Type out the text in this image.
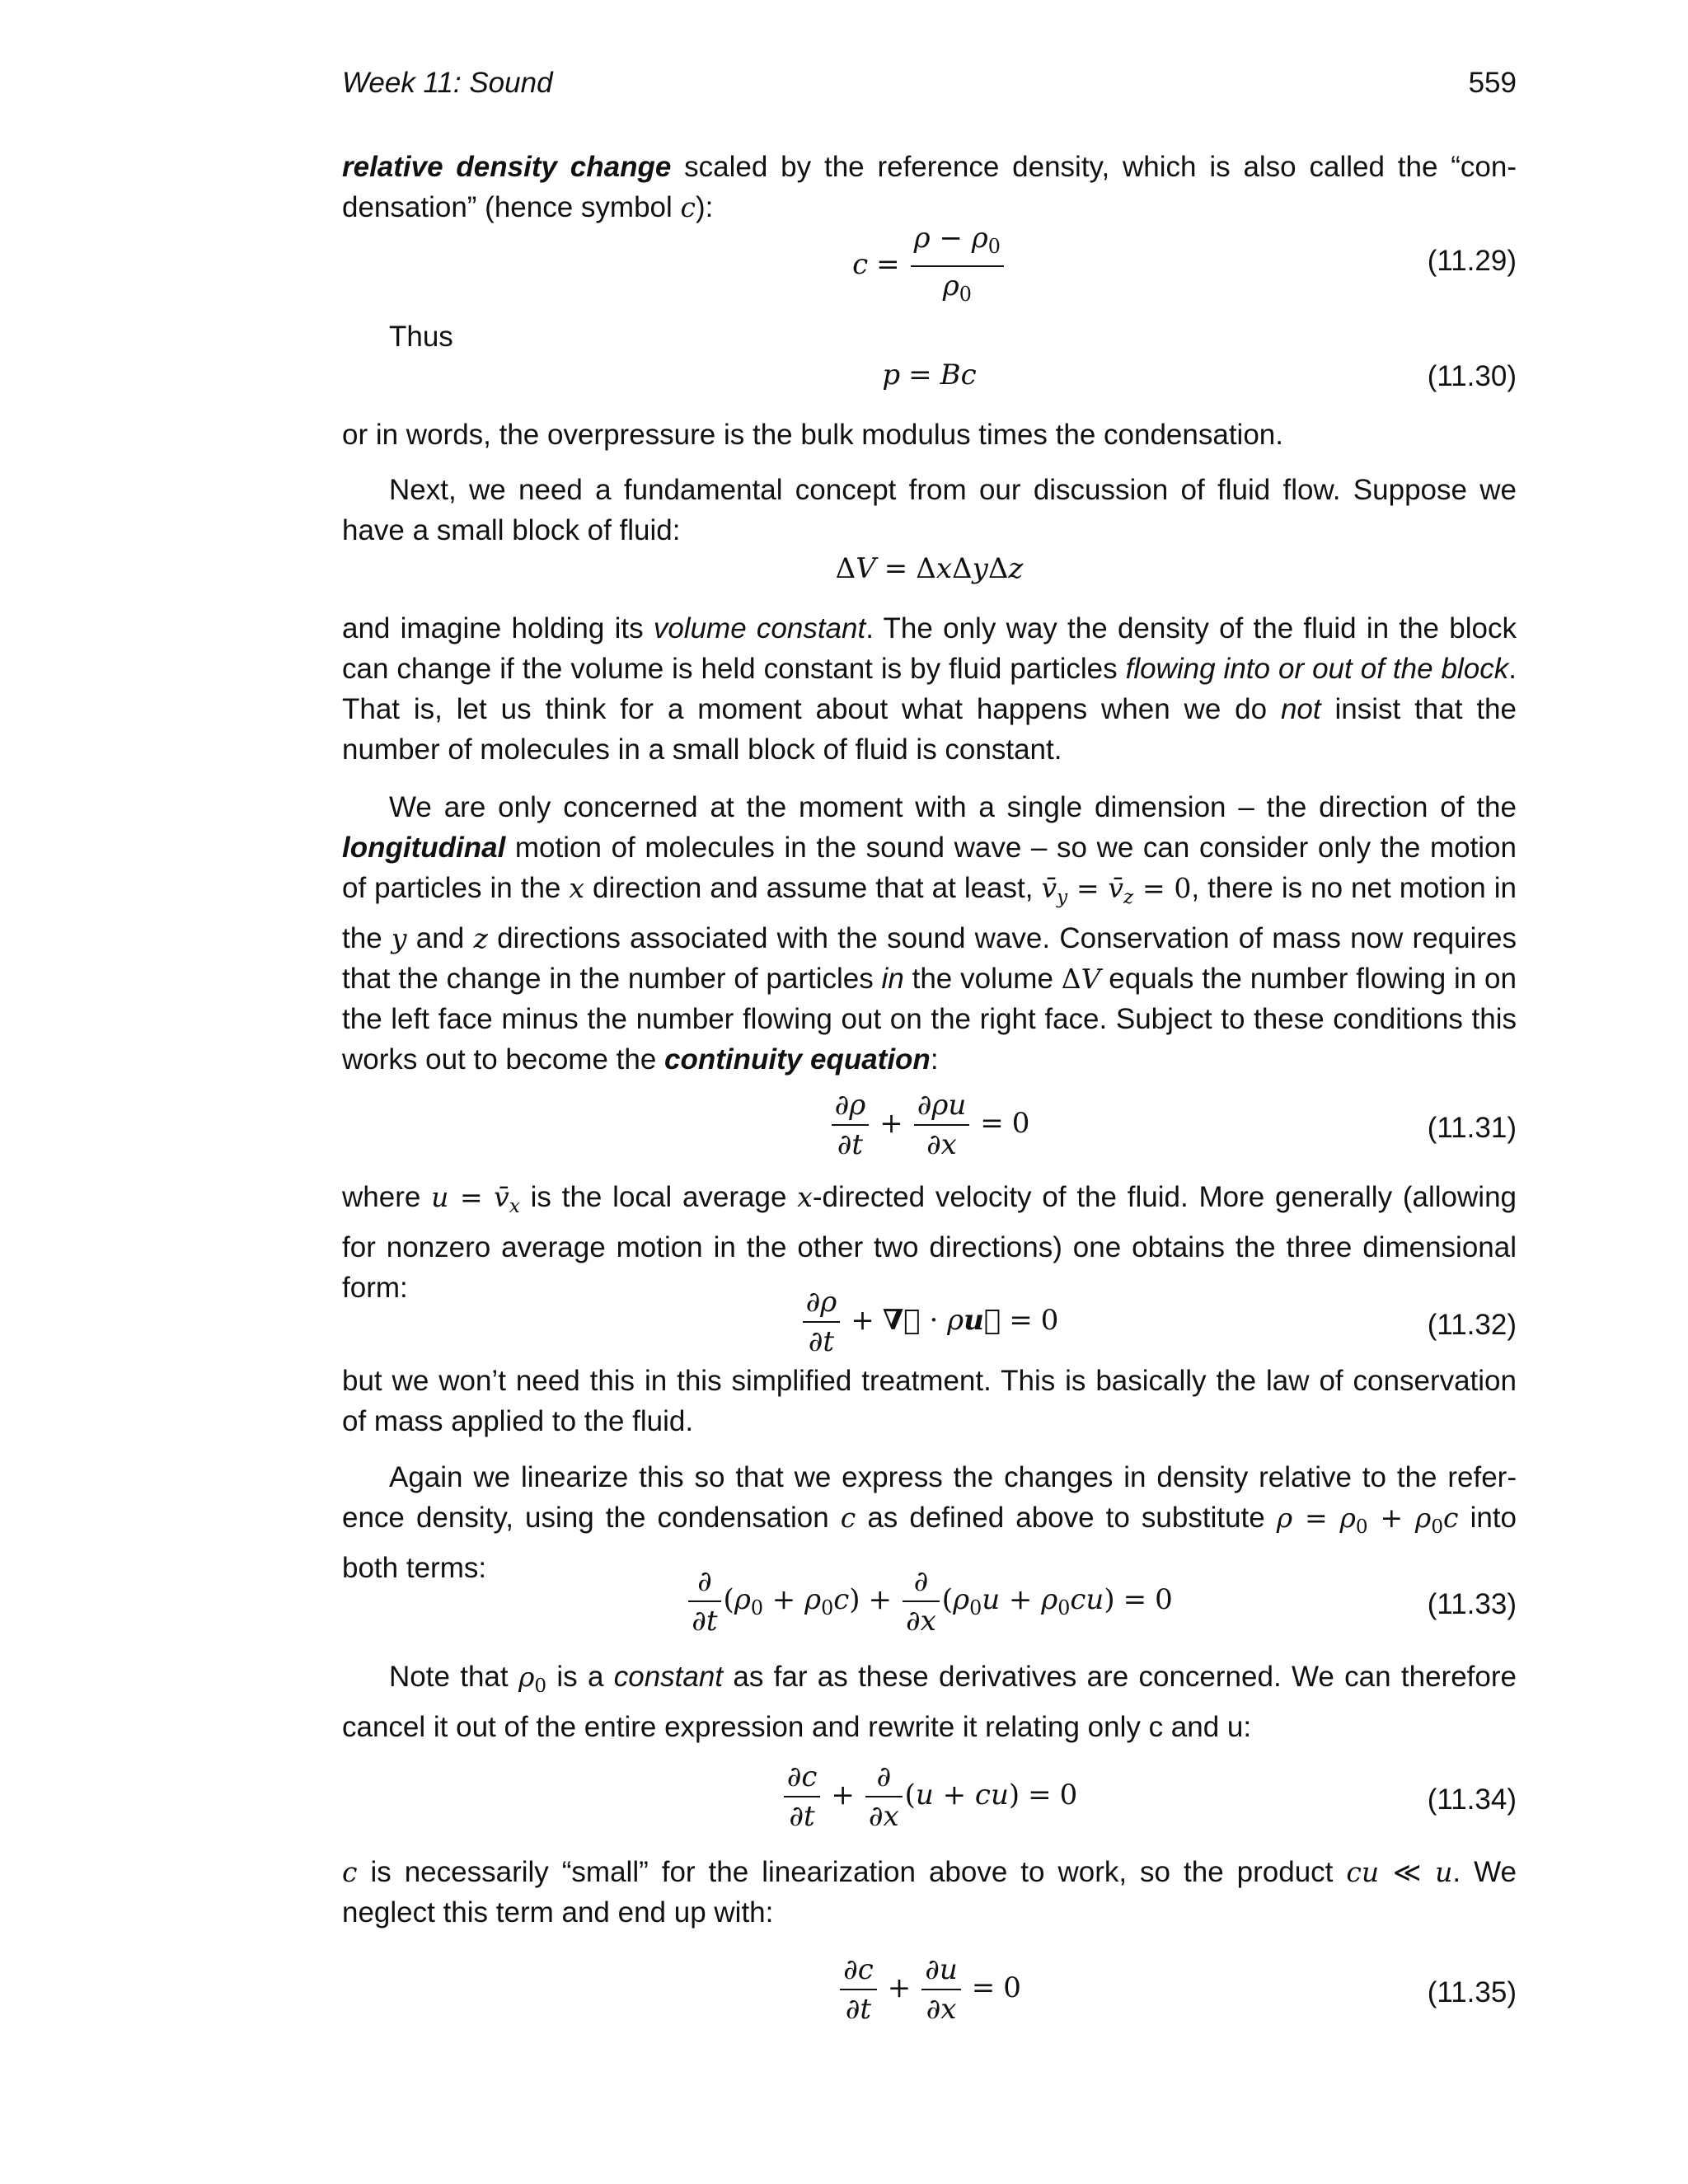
Week 11: Sound	559

relative density change scaled by the reference density, which is also called the “con-densation” (hence symbol c):

$c = \frac{\rho - \rho_0}{\rho_0}$	(11.29)

Thus

p = Bc	(11.30)

or in words, the overpressure is the bulk modulus times the condensation.

Next, we need a fundamental concept from our discussion of fluid flow. Suppose we have a small block of fluid:

ΔV = ΔxΔyΔz

and imagine holding its volume constant. The only way the density of the fluid in the block can change if the volume is held constant is by fluid particles flowing into or out of the block. That is, let us think for a moment about what happens when we do not insist that the number of molecules in a small block of fluid is constant.

We are only concerned at the moment with a single dimension – the direction of the longitudinal motion of molecules in the sound wave – so we can consider only the motion of particles in the x direction and assume that at least, $v̄_y$ = $v̄_z = 0$, there is no net motion in the y and z directions associated with the sound wave. Conservation of mass now requires that the change in the number of particles in the volume ΔV equals the number flowing in on the left face minus the number flowing out on the right face. Subject to these conditions this works out to become the continuity equation:

$\frac{\partial\rho}{\partial t} + \frac{\partial\rho u}{\partial x} = 0$	(11.31)

where $u = v̄_x$ is the local average x-directed velocity of the fluid. More generally (allowing for nonzero average motion in the other two directions) one obtains the three dimensional form:	$\frac{\partial\rho}{\partial t}$ + ∇⃗ · ρu⃗ = 0	(11.32)

but we won’t need this in this simplified treatment. This is basically the law of conservation of mass applied to the fluid.

Again we linearize this so that we express the changes in density relative to the refer-ence density, using the condensation c as defined above to substitute $\rho = \rho_0 + \rho_0c$ into both terms:	$\frac{\partial}{\partial t} (\rho_0 + \rho_0c) + \frac{\partial}{\partial x} (\rho_0u + \rho_0cu) = 0$	(11.33)

Note that $\rho_0$ is a constant as far as these derivatives are concerned. We can therefore cancel it out of the entire expression and rewrite it relating only c and u:

$\frac{\partial c}{\partial t} + \frac{\partial}{\partial x} (u + cu) = 0$	(11.34)

c is necessarily “small” for the linearization above to work, so the product cu ≪ u. We neglect this term and end up with:

$\frac{\partial c}{\partial t} + \frac{\partial u}{\partial x} = 0$	(11.35)
